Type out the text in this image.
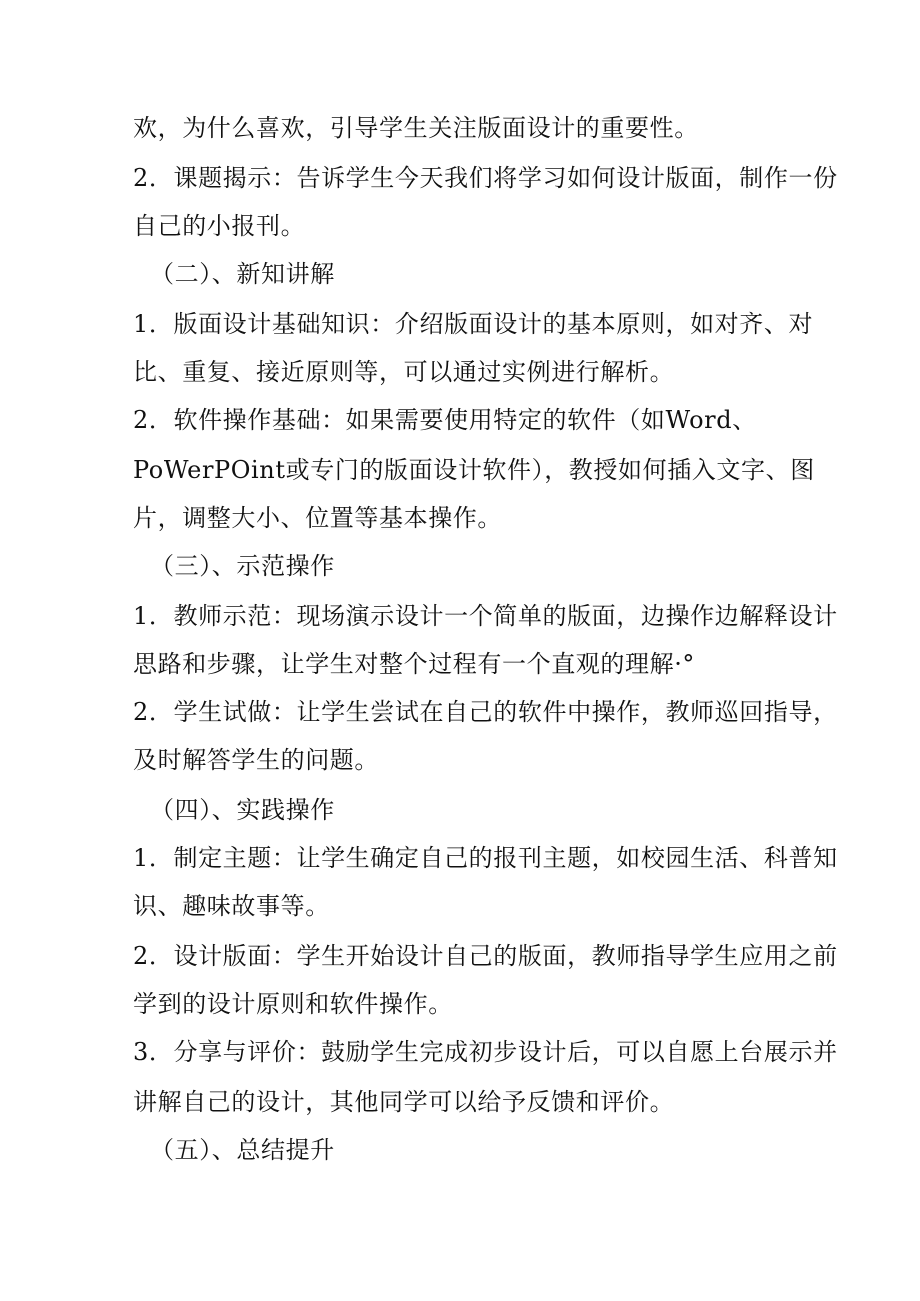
欢，为什么喜欢，引导学生关注版面设计的重要性。
2．课题揭示：告诉学生今天我们将学习如何设计版面，制作一份
自己的小报刊。
（二）、新知讲解
1．版面设计基础知识：介绍版面设计的基本原则，如对齐、对
比、重复、接近原则等，可以通过实例进行解析。
2．软件操作基础：如果需要使用特定的软件（如Word、
PoWerPOint或专门的版面设计软件），教授如何插入文字、图
片，调整大小、位置等基本操作。
（三）、示范操作
1．教师示范：现场演示设计一个简单的版面，边操作边解释设计
思路和步骤，让学生对整个过程有一个直观的理解·°
2．学生试做：让学生尝试在自己的软件中操作，教师巡回指导，
及时解答学生的问题。
（四）、实践操作
1．制定主题：让学生确定自己的报刊主题，如校园生活、科普知
识、趣味故事等。
2．设计版面：学生开始设计自己的版面，教师指导学生应用之前
学到的设计原则和软件操作。
3．分享与评价：鼓励学生完成初步设计后，可以自愿上台展示并
讲解自己的设计，其他同学可以给予反馈和评价。
（五）、总结提升
